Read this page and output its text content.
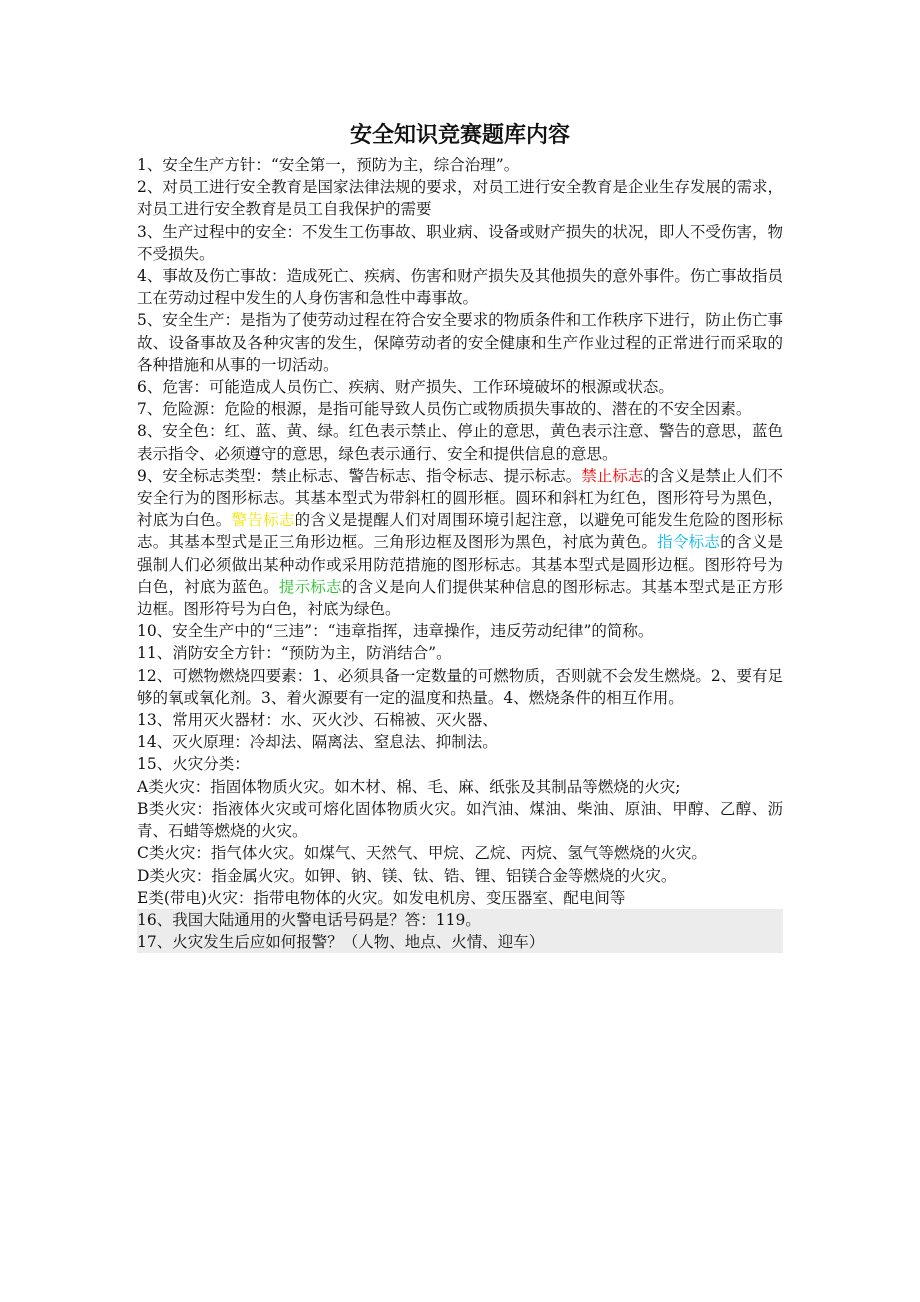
安全知识竞赛题库内容

1、安全生产方针：“安全第一，预防为主，综合治理”。

2、对员工进行安全教育是国家法律法规的要求，对员工进行安全教育是企业生存发展的需求，对员工进行安全教育是员工自我保护的需要

3、生产过程中的安全：不发生工伤事故、职业病、设备或财产损失的状况，即人不受伤害，物不受损失。

4、事故及伤亡事故：造成死亡、疾病、伤害和财产损失及其他损失的意外事件。伤亡事故指员工在劳动过程中发生的人身伤害和急性中毒事故。

5、安全生产：是指为了使劳动过程在符合安全要求的物质条件和工作秩序下进行，防止伤亡事故、设备事故及各种灾害的发生，保障劳动者的安全健康和生产作业过程的正常进行而采取的各种措施和从事的一切活动。

6、危害：可能造成人员伤亡、疾病、财产损失、工作环境破坏的根源或状态。

7、危险源：危险的根源，是指可能导致人员伤亡或物质损失事故的、潜在的不安全因素。

8、安全色：红、蓝、黄、绿。红色表示禁止、停止的意思，黄色表示注意、警告的意思，蓝色表示指令、必须遵守的意思，绿色表示通行、安全和提供信息的意思。

9、安全标志类型：禁止标志、警告标志、指令标志、提示标志。禁止标志的含义是禁止人们不安全行为的图形标志。其基本型式为带斜杠的圆形框。圆环和斜杠为红色，图形符号为黑色，衬底为白色。警告标志的含义是提醒人们对周围环境引起注意，以避免可能发生危险的图形标志。其基本型式是正三角形边框。三角形边框及图形为黑色，衬底为黄色。指令标志的含义是强制人们必须做出某种动作或采用防范措施的图形标志。其基本型式是圆形边框。图形符号为白色，衬底为蓝色。提示标志的含义是向人们提供某种信息的图形标志。其基本型式是正方形边框。图形符号为白色，衬底为绿色。

10、安全生产中的“三违”：“违章指挥，违章操作，违反劳动纪律”的简称。

11、消防安全方针：“预防为主，防消结合”。

12、可燃物燃烧四要素：1、必须具备一定数量的可燃物质，否则就不会发生燃烧。2、要有足够的氧或氧化剂。3、着火源要有一定的温度和热量。4、燃烧条件的相互作用。

13、常用灭火器材：水、灭火沙、石棉被、灭火器、

14、灭火原理：冷却法、隔离法、窒息法、抑制法。

15、火灾分类：

A类火灾：指固体物质火灾。如木材、棉、毛、麻、纸张及其制品等燃烧的火灾;

B类火灾：指液体火灾或可熔化固体物质火灾。如汽油、煤油、柴油、原油、甲醇、乙醇、沥青、石蜡等燃烧的火灾。

C类火灾：指气体火灾。如煤气、天然气、甲烷、乙烷、丙烷、氢气等燃烧的火灾。

D类火灾：指金属火灾。如钾、钠、镁、钛、锆、锂、铝镁合金等燃烧的火灾。

E类(带电)火灾：指带电物体的火灾。如发电机房、变压器室、配电间等

16、我国大陆通用的火警电话号码是？答：119。

17、火灾发生后应如何报警？（人物、地点、火情、迎车）
